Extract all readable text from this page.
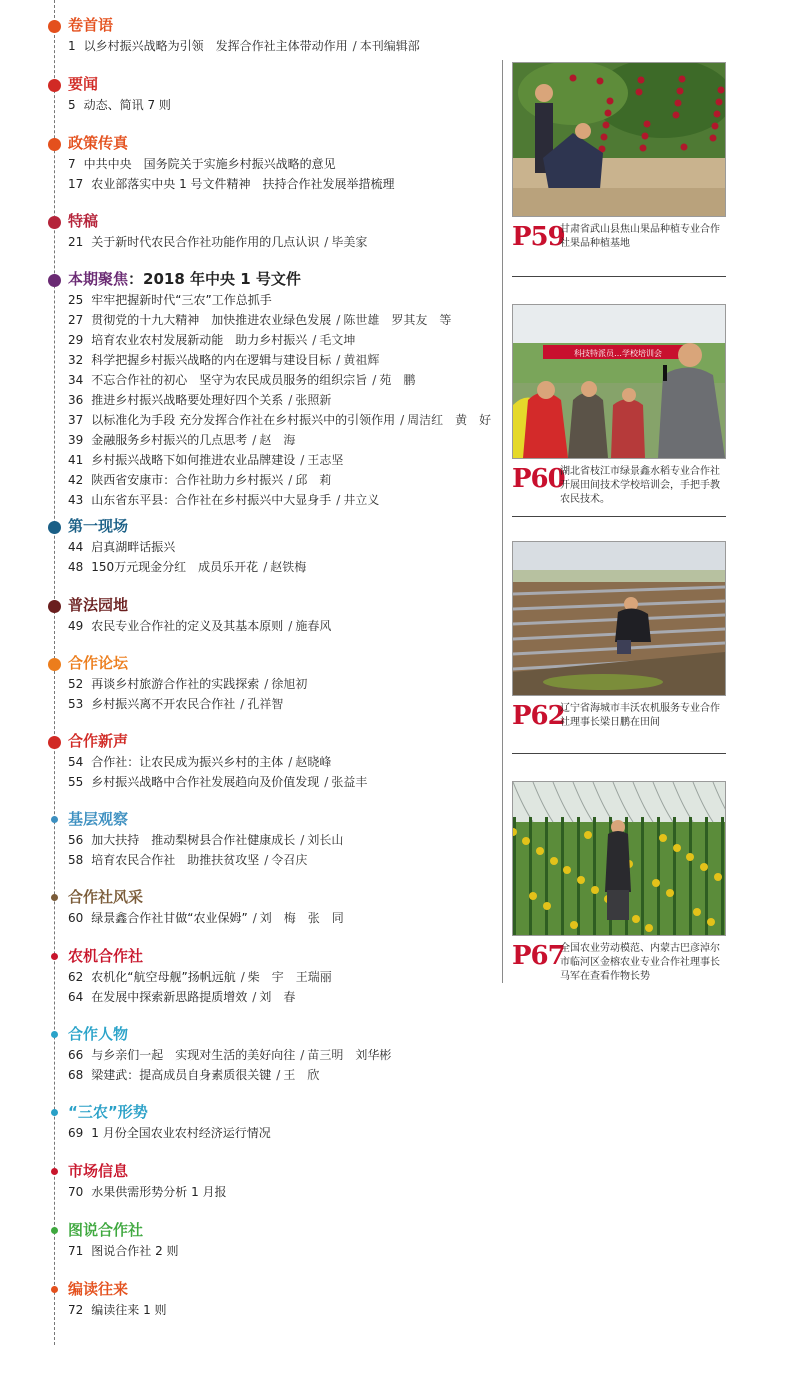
卷首语
1 以乡村振兴战略为引领　发挥合作社主体带动作用 / 本刊编辑部
要闻
5 动态、简讯 7 则
政策传真
7 中共中央　国务院关于实施乡村振兴战略的意见
17 农业部落实中央 1 号文件精神　扶持合作社发展举措梳理
特稿
21 关于新时代农民合作社功能作用的几点认识 / 毕美家
本期聚焦：2018 年中央 1 号文件
25 牢牢把握新时代“三农”工作总抓手
27 贯彻党的十九大精神　加快推进农业绿色发展 / 陈世雄　罗其友　等
29 培育农业农村发展新动能　助力乡村振兴 / 毛文坤
32 科学把握乡村振兴战略的内在逻辑与建设目标 / 黄祖辉
34 不忘合作社的初心　坚守为农民成员服务的组织宗旨 / 苑　鹏
36 推进乡村振兴战略要处理好四个关系 / 张照新
37 以标准化为手段 充分发挥合作社在乡村振兴中的引领作用 / 周洁红　黄　好
39 金融服务乡村振兴的几点思考 / 赵　海
41 乡村振兴战略下如何推进农业品牌建设 / 王志坚
42 陕西省安康市：合作社助力乡村振兴 / 邱　莉
43 山东省东平县：合作社在乡村振兴中大显身手 / 井立义
第一现场
44 启真湖畔话振兴
48 150万元现金分红　成员乐开花 / 赵铁梅
普法园地
49 农民专业合作社的定义及其基本原则 / 施春风
合作论坛
52 再谈乡村旅游合作社的实践探索 / 徐旭初
53 乡村振兴离不开农民合作社 / 孔祥智
合作新声
54 合作社：让农民成为振兴乡村的主体 / 赵晓峰
55 乡村振兴战略中合作社发展趋向及价值发现 / 张益丰
基层观察
56 加大扶持　推动梨树县合作社健康成长 / 刘长山
58 培育农民合作社　助推扶贫攻坚 / 令召庆
合作社风采
60 绿景鑫合作社甘做“农业保姆” / 刘　梅　张　同
农机合作社
62 农机化“航空母舰”扬帆远航 / 柴　宇　王瑞丽
64 在发展中探索新思路提质增效 / 刘　春
合作人物
66 与乡亲们一起　实现对生活的美好向往 / 苗三明　刘华彬
68 梁建武：提高成员自身素质很关键 / 王　欣
“三农”形势
69 1 月份全国农业农村经济运行情况
市场信息
70 水果供需形势分析 1 月报
图说合作社
71 图说合作社 2 则
编读往来
72 编读往来 1 则
P59
甘肃省武山县焦山果品种植专业合作社果品种植基地
科技特派员…学校培训会
P60
湖北省枝江市绿景鑫水稻专业合作社开展田间技术学校培训会，手把手教农民技术。
P62
辽宁省海城市丰沃农机服务专业合作社理事长梁日鹏在田间
P67
全国农业劳动模范、内蒙古巴彦淖尔市临河区金榕农业专业合作社理事长马军在查看作物长势
